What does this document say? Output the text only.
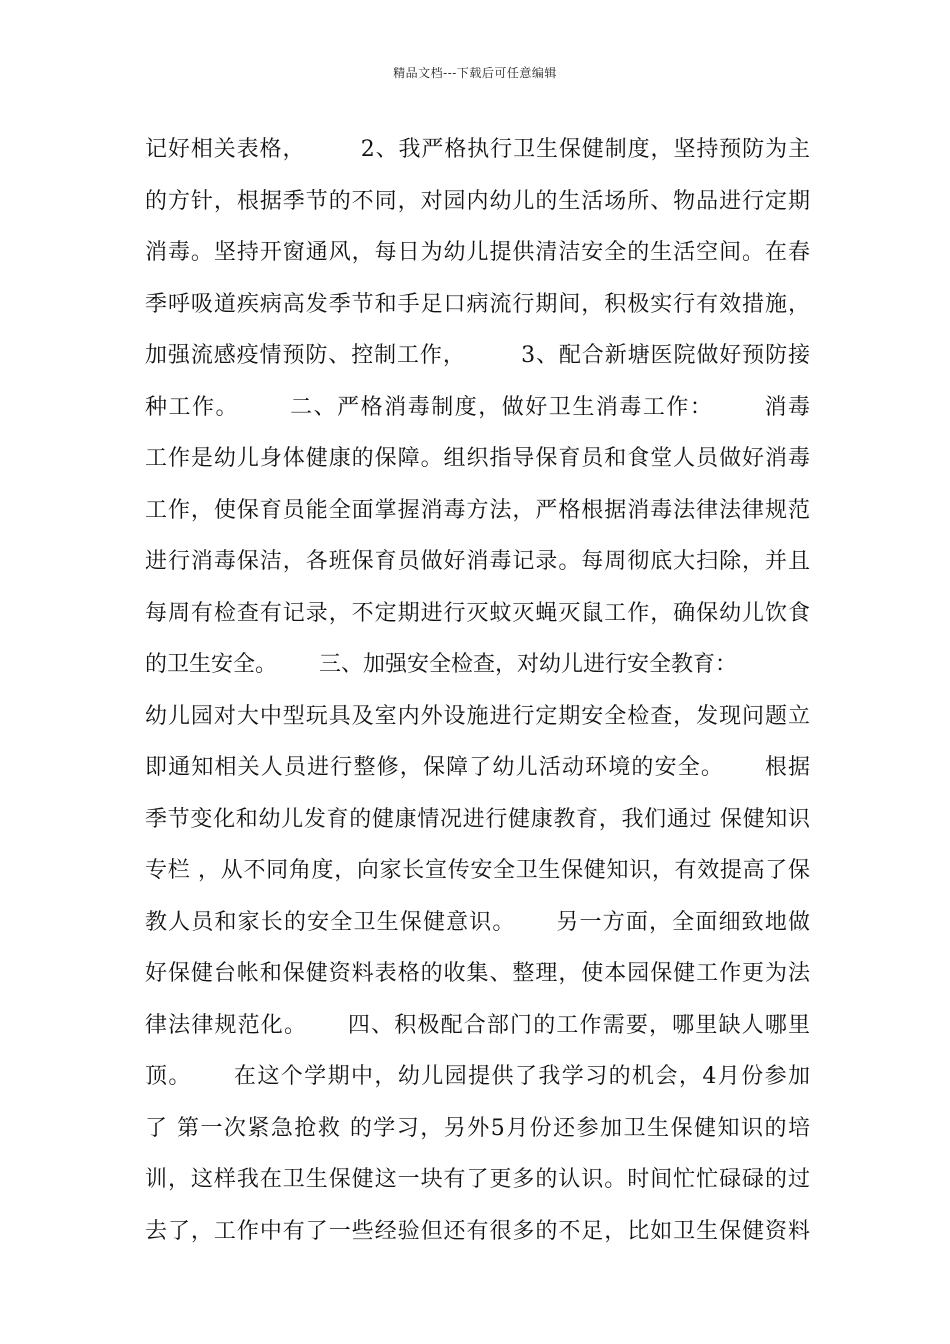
精品文档---下载后可任意编辑
记好相关表格，       2、我严格执行卫生保健制度，坚持预防为主
的方针，根据季节的不同，对园内幼儿的生活场所、物品进行定期
消毒。坚持开窗通风，每日为幼儿提供清洁安全的生活空间。在春
季呼吸道疾病高发季节和手足口病流行期间，积极实行有效措施，
加强流感疫情预防、控制工作，       3、配合新塘医院做好预防接
种工作。      二、严格消毒制度，做好卫生消毒工作：      消毒
工作是幼儿身体健康的保障。组织指导保育员和食堂人员做好消毒
工作，使保育员能全面掌握消毒方法，严格根据消毒法律法律规范
进行消毒保洁，各班保育员做好消毒记录。每周彻底大扫除，并且
每周有检查有记录，不定期进行灭蚊灭蝇灭鼠工作，确保幼儿饮食
的卫生安全。      三、加强安全检查，对幼儿进行安全教育：
幼儿园对大中型玩具及室内外设施进行定期安全检查，发现问题立
即通知相关人员进行整修，保障了幼儿活动环境的安全。     根据
季节变化和幼儿发育的健康情况进行健康教育，我们通过 保健知识
专栏 ，从不同角度，向家长宣传安全卫生保健知识，有效提高了保
教人员和家长的安全卫生保健意识。     另一方面，全面细致地做
好保健台帐和保健资料表格的收集、整理，使本园保健工作更为法
律法律规范化。     四、积极配合部门的工作需要，哪里缺人哪里
顶。     在这个学期中，幼儿园提供了我学习的机会，4月份参加
了 第一次紧急抢救 的学习，另外5月份还参加卫生保健知识的培
训，这样我在卫生保健这一块有了更多的认识。时间忙忙碌碌的过
去了，工作中有了一些经验但还有很多的不足，比如卫生保健资料
